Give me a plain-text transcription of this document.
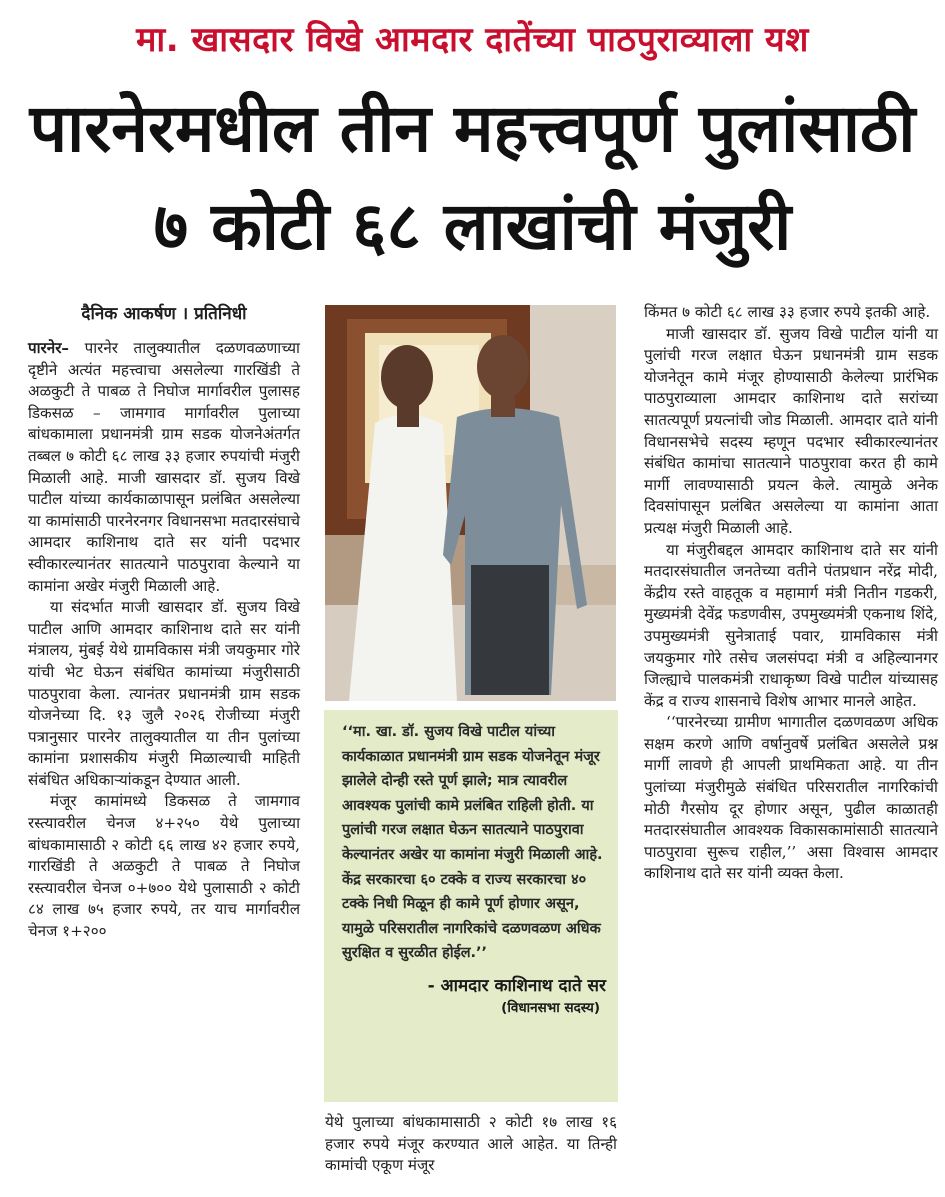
मा. खासदार विखे आमदार दातेंच्या पाठपुराव्याला यश
पारनेरमधील तीन महत्त्वपूर्ण पुलांसाठी
७ कोटी ६८ लाखांची मंजुरी
दैनिक आकर्षण । प्रतिनिधी

पारनेर– पारनेर तालुक्यातील दळणवळणाच्या दृष्टीने अत्यंत महत्त्वाचा असलेल्या गारखिंडी ते अळकुटी ते पाबळ ते निघोज मार्गावरील पुलासह डिकसळ – जामगाव मार्गावरील पुलाच्या बांधकामाला प्रधानमंत्री ग्राम सडक योजनेअंतर्गत तब्बल ७ कोटी ६८ लाख ३३ हजार रुपयांची मंजुरी मिळाली आहे. माजी खासदार डॉ. सुजय विखे पाटील यांच्या कार्यकाळापासून प्रलंबित असलेल्या या कामांसाठी पारनेरनगर विधानसभा मतदारसंघाचे आमदार काशिनाथ दाते सर यांनी पदभार स्वीकारल्यानंतर सातत्याने पाठपुरावा केल्याने या कामांना अखेर मंजुरी मिळाली आहे.

या संदर्भात माजी खासदार डॉ. सुजय विखे पाटील आणि आमदार काशिनाथ दाते सर यांनी मंत्रालय, मुंबई येथे ग्रामविकास मंत्री जयकुमार गोरे यांची भेट घेऊन संबंधित कामांच्या मंजुरीसाठी पाठपुरावा केला. त्यानंतर प्रधानमंत्री ग्राम सडक योजनेच्या दि. १३ जुलै २०२६ रोजीच्या मंजुरी पत्रानुसार पारनेर तालुक्यातील या तीन पुलांच्या कामांना प्रशासकीय मंजुरी मिळाल्याची माहिती संबंधित अधिकाऱ्यांकडून देण्यात आली.

मंजूर कामांमध्ये डिकसळ ते जामगाव रस्त्यावरील चेनज ४+२५० येथे पुलाच्या बांधकामासाठी २ कोटी ६६ लाख ४२ हजार रुपये, गारखिंडी ते अळकुटी ते पाबळ ते निघोज रस्त्यावरील चेनज ०+७०० येथे पुलासाठी २ कोटी ८४ लाख ७५ हजार रुपये, तर याच मार्गावरील चेनज १+२००

‘‘मा. खा. डॉ. सुजय विखे पाटील यांच्या कार्यकाळात प्रधानमंत्री ग्राम सडक योजनेतून मंजूर झालेले दोन्ही रस्ते पूर्ण झाले; मात्र त्यावरील आवश्यक पुलांची कामे प्रलंबित राहिली होती. या पुलांची गरज लक्षात घेऊन सातत्याने पाठपुरावा केल्यानंतर अखेर या कामांना मंजुरी मिळाली आहे. केंद्र सरकारचा ६० टक्के व राज्य सरकारचा ४० टक्के निधी मिळून ही कामे पूर्ण होणार असून, यामुळे परिसरातील नागरिकांचे दळणवळण अधिक सुरक्षित व सुरळीत होईल.’’
- आमदार काशिनाथ दाते सर
(विधानसभा सदस्य)

येथे पुलाच्या बांधकामासाठी २ कोटी १७ लाख १६ हजार रुपये मंजूर करण्यात आले आहेत. या तिन्ही कामांची एकूण मंजूर

किंमत ७ कोटी ६८ लाख ३३ हजार रुपये इतकी आहे.

माजी खासदार डॉ. सुजय विखे पाटील यांनी या पुलांची गरज लक्षात घेऊन प्रधानमंत्री ग्राम सडक योजनेतून कामे मंजूर होण्यासाठी केलेल्या प्रारंभिक पाठपुराव्याला आमदार काशिनाथ दाते सरांच्या सातत्यपूर्ण प्रयत्नांची जोड मिळाली. आमदार दाते यांनी विधानसभेचे सदस्य म्हणून पदभार स्वीकारल्यानंतर संबंधित कामांचा सातत्याने पाठपुरावा करत ही कामे मार्गी लावण्यासाठी प्रयत्न केले. त्यामुळे अनेक दिवसांपासून प्रलंबित असलेल्या या कामांना आता प्रत्यक्ष मंजुरी मिळाली आहे.

या मंजुरीबद्दल आमदार काशिनाथ दाते सर यांनी मतदारसंघातील जनतेच्या वतीने पंतप्रधान नरेंद्र मोदी, केंद्रीय रस्ते वाहतूक व महामार्ग मंत्री नितीन गडकरी, मुख्यमंत्री देवेंद्र फडणवीस, उपमुख्यमंत्री एकनाथ शिंदे, उपमुख्यमंत्री सुनेत्राताई पवार, ग्रामविकास मंत्री जयकुमार गोरे तसेच जलसंपदा मंत्री व अहिल्यानगर जिल्ह्याचे पालकमंत्री राधाकृष्ण विखे पाटील यांच्यासह केंद्र व राज्य शासनाचे विशेष आभार मानले आहेत.

‘‘पारनेरच्या ग्रामीण भागातील दळणवळण अधिक सक्षम करणे आणि वर्षानुवर्षे प्रलंबित असलेले प्रश्न मार्गी लावणे ही आपली प्राथमिकता आहे. या तीन पुलांच्या मंजुरीमुळे संबंधित परिसरातील नागरिकांची मोठी गैरसोय दूर होणार असून, पुढील काळातही मतदारसंघातील आवश्यक विकासकामांसाठी सातत्याने पाठपुरावा सुरूच राहील,’’ असा विश्वास आमदार काशिनाथ दाते सर यांनी व्यक्त केला.
